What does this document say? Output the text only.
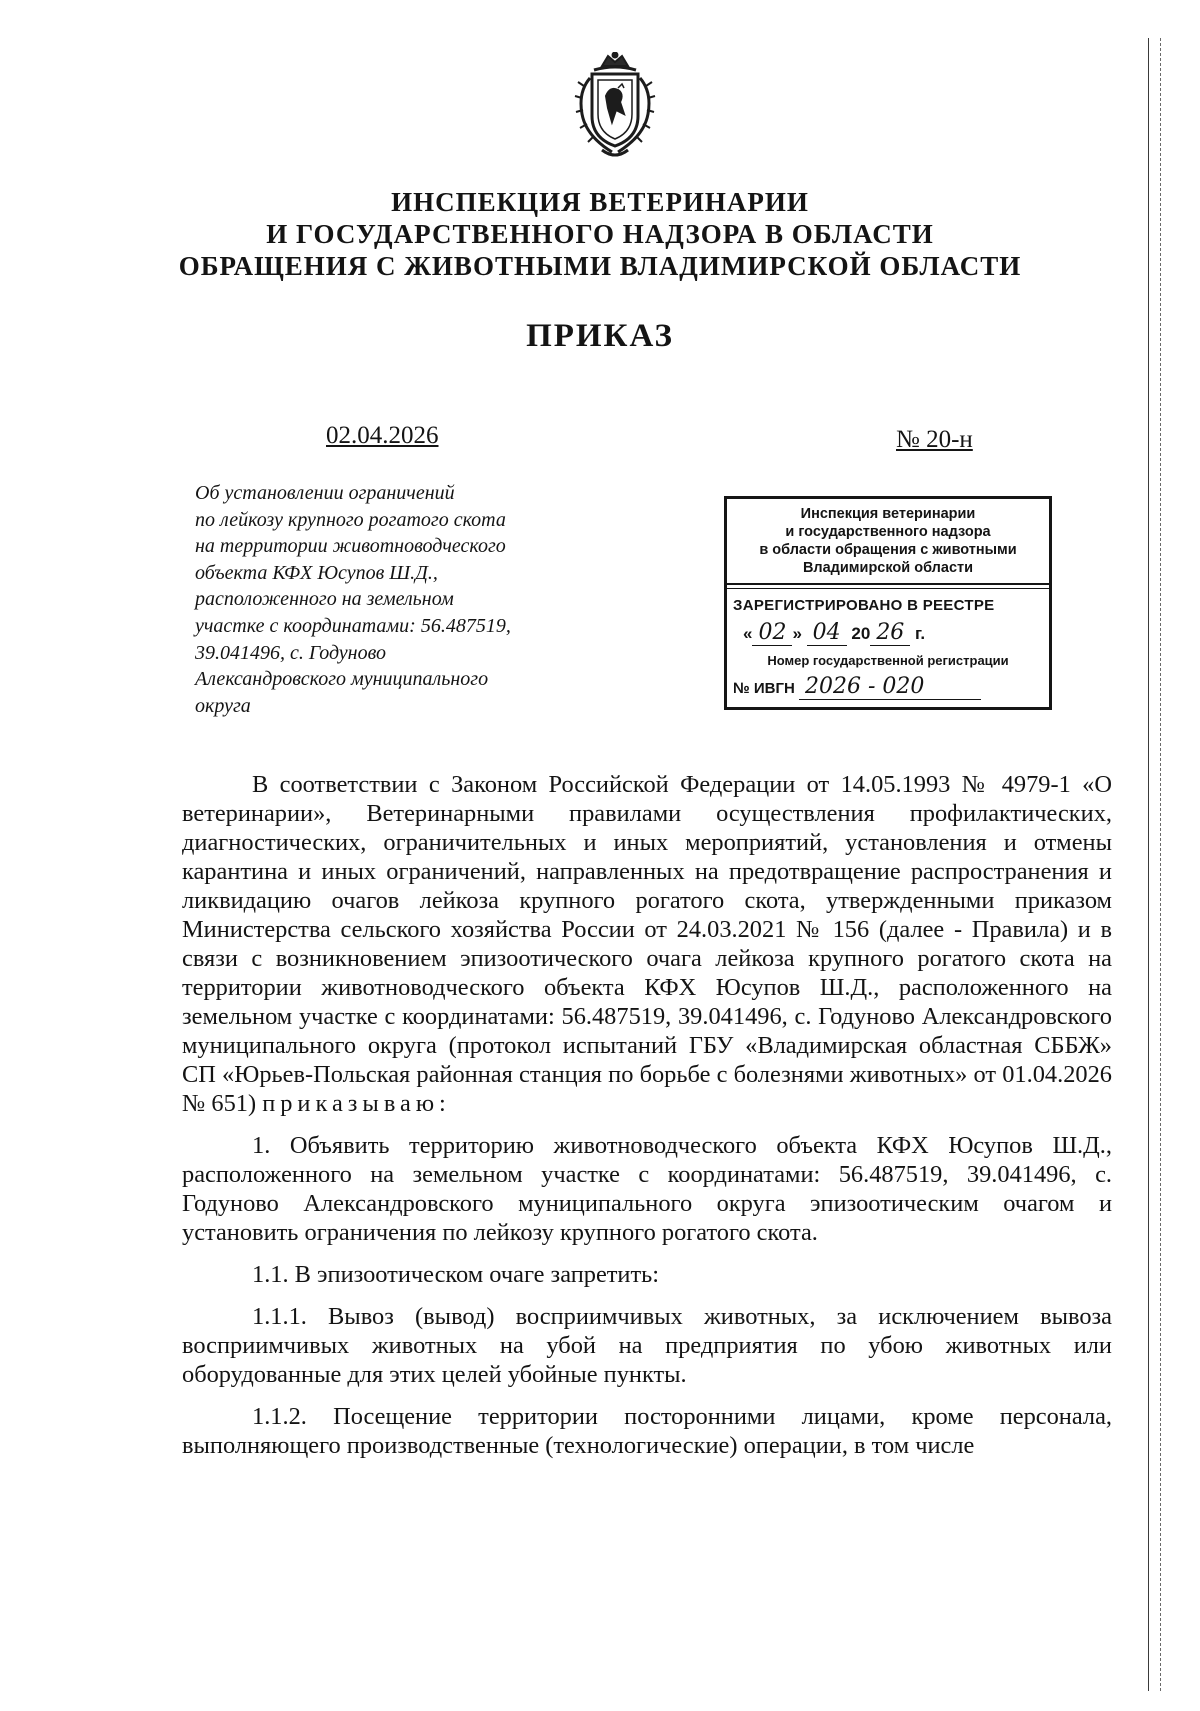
ИНСПЕКЦИЯ ВЕТЕРИНАРИИ
И ГОСУДАРСТВЕННОГО НАДЗОРА В ОБЛАСТИ
ОБРАЩЕНИЯ С ЖИВОТНЫМИ ВЛАДИМИРСКОЙ ОБЛАСТИ
ПРИКАЗ
02.04.2026	№ 20-н
Об установлении ограничений
по лейкозу крупного рогатого скота
на территории животноводческого
объекта КФХ Юсупов Ш.Д.,
расположенного на земельном
участке с координатами: 56.487519,
39.041496, с. Годуново
Александровского муниципального
округа
Инспекция ветеринарии
и государственного надзора
в области обращения с животными
Владимирской области
ЗАРЕГИСТРИРОВАНО В РЕЕСТРЕ
« 02 » 04 20 26 г.
Номер государственной регистрации
№ ИВГН 2026 - 020

В соответствии с Законом Российской Федерации от 14.05.1993 № 4979-1 «О ветеринарии», Ветеринарными правилами осуществления профилактических, диагностических, ограничительных и иных мероприятий, установления и отмены карантина и иных ограничений, направленных на предотвращение распространения и ликвидацию очагов лейкоза крупного рогатого скота, утвержденными приказом Министерства сельского хозяйства России от 24.03.2021 № 156 (далее - Правила) и в связи с возникновением эпизоотического очага лейкоза крупного рогатого скота на территории животноводческого объекта КФХ Юсупов Ш.Д., расположенного на земельном участке с координатами: 56.487519, 39.041496, с. Годуново Александровского муниципального округа (протокол испытаний ГБУ «Владимирская областная СББЖ» СП «Юрьев-Польская районная станция по борьбе с болезнями животных» от 01.04.2026 № 651) приказываю:

1. Объявить территорию животноводческого объекта КФХ Юсупов Ш.Д., расположенного на земельном участке с координатами: 56.487519, 39.041496, с. Годуново Александровского муниципального округа эпизоотическим очагом и установить ограничения по лейкозу крупного рогатого скота.

1.1. В эпизоотическом очаге запретить:

1.1.1. Вывоз (вывод) восприимчивых животных, за исключением вывоза восприимчивых животных на убой на предприятия по убою животных или оборудованные для этих целей убойные пункты.

1.1.2. Посещение территории посторонними лицами, кроме персонала, выполняющего производственные (технологические) операции, в том числе
